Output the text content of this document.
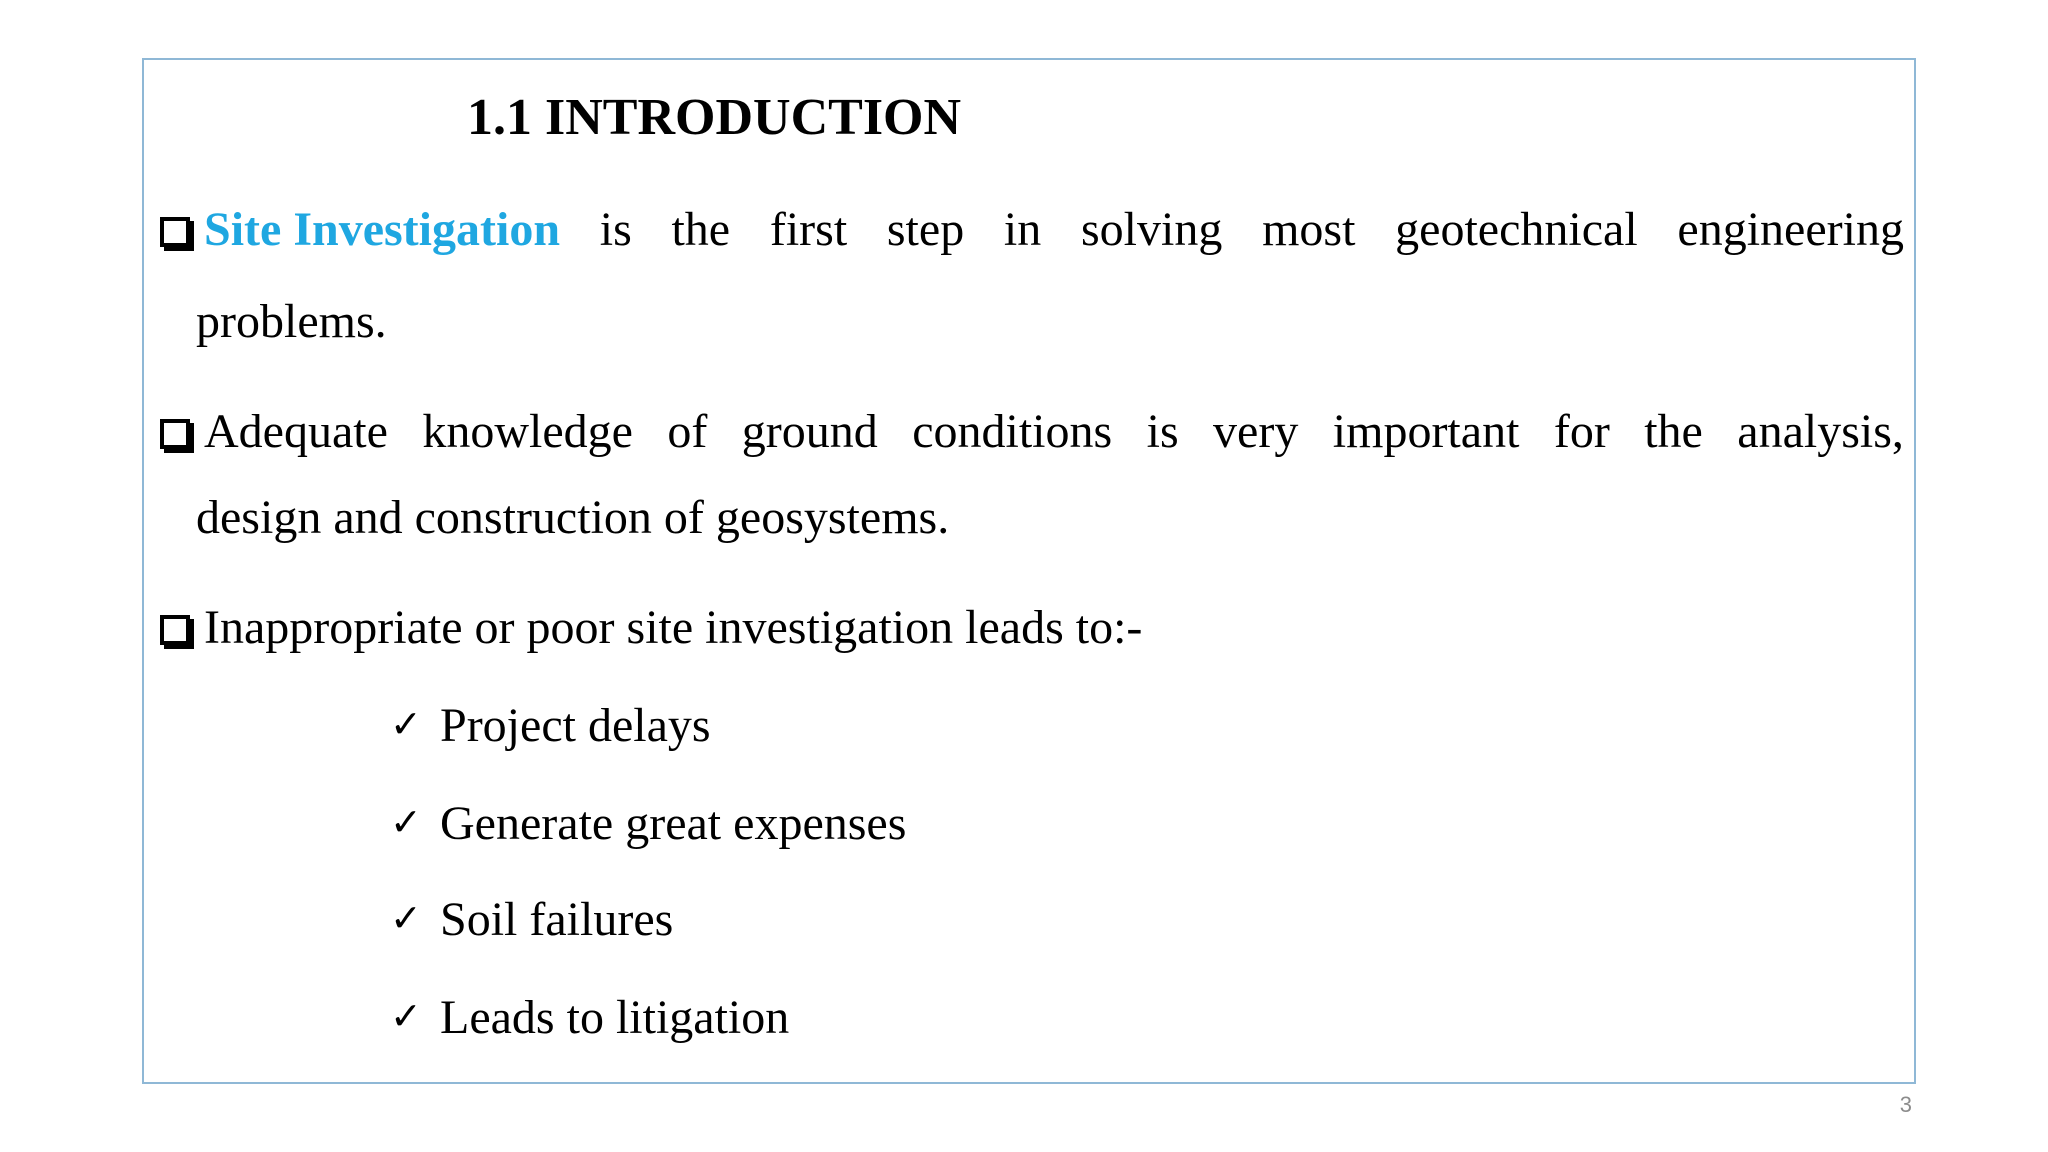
1.1 INTRODUCTION
Site Investigation is the first step in solving most geotechnical engineering
problems.
Adequate knowledge of ground conditions is very important for the analysis,
design and construction of geosystems.
Inappropriate or poor site investigation leads to:-
✓ Project delays
✓ Generate great expenses
✓ Soil failures
✓ Leads to litigation
3
